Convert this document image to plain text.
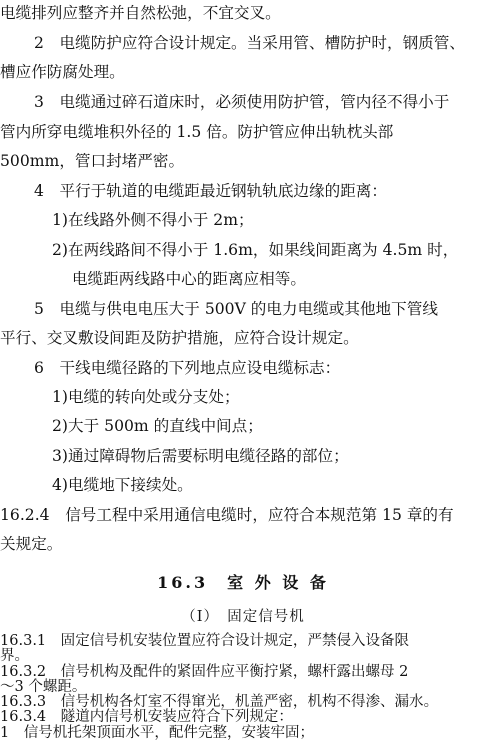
电缆排列应整齐并自然松弛，不宜交叉。
2　电缆防护应符合设计规定。当采用管、槽防护时，钢质管、
槽应作防腐处理。
3　电缆通过碎石道床时，必须使用防护管，管内径不得小于
管内所穿电缆堆积外径的 1.5 倍。防护管应伸出轨枕头部
500mm，管口封堵严密。
4　平行于轨道的电缆距最近钢轨轨底边缘的距离：
1)在线路外侧不得小于 2m；
2)在两线路间不得小于 1.6m，如果线间距离为 4.5m 时，
电缆距两线路中心的距离应相等。
5　电缆与供电电压大于 500V 的电力电缆或其他地下管线
平行、交叉敷设间距及防护措施，应符合设计规定。
6　干线电缆径路的下列地点应设电缆标志：
1)电缆的转向处或分支处；
2)大于 500m 的直线中间点；
3)通过障碍物后需要标明电缆径路的部位；
4)电缆地下接续处。
16.2.4　信号工程中采用通信电缆时，应符合本规范第 15 章的有
关规定。
16.3　室 外 设 备
（Ⅰ）　固定信号机
16.3.1　固定信号机安装位置应符合设计规定，严禁侵入设备限
界。
16.3.2　信号机构及配件的紧固件应平衡拧紧，螺杆露出螺母 2
～3 个螺距。
16.3.3　信号机构各灯室不得窜光，机盖严密，机构不得渗、漏水。
16.3.4　隧道内信号机安装应符合下列规定：
1　信号机托架顶面水平，配件完整，安装牢固；
